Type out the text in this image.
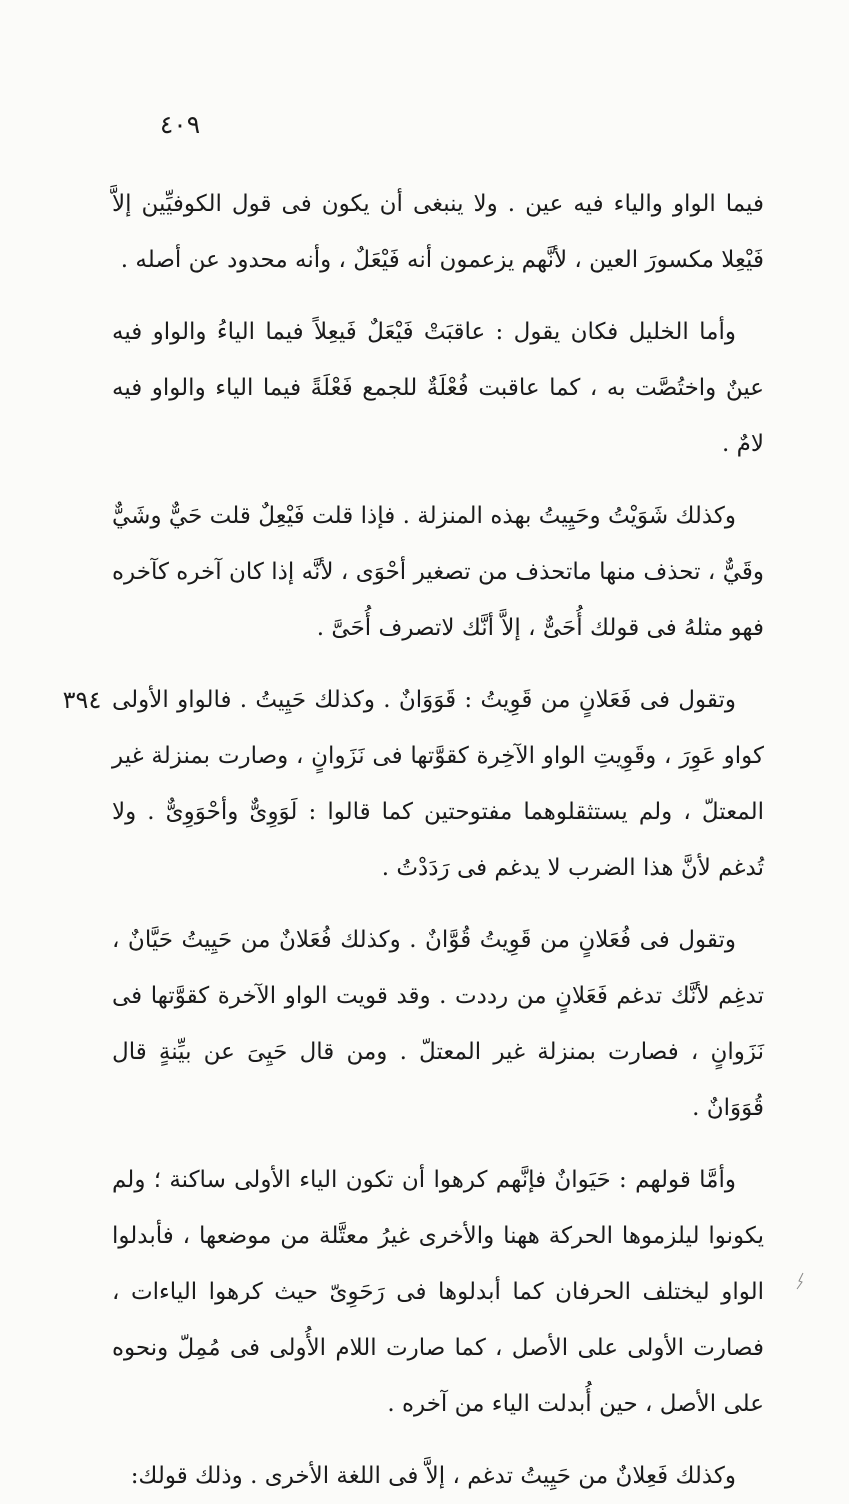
٤٠٩
٣٩٤

فيما الواو والياء فيه عين . ولا ينبغى أن يكون فى قول الكوفيِّين إلاَّ فَيْعِلا مكسورَ العين ، لأنَّهم يزعمون أنه فَيْعَلٌ ، وأنه محدود عن أصله .

وأما الخليل فكان يقول : عاقبَتْ فَيْعَلٌ فَيعِلاً فيما الياءُ والواو فيه عينٌ واختُصَّت به ، كما عاقبت فُعْلَةٌ للجمع فَعْلَةً فيما الياء والواو فيه لامٌ .

وكذلك شَوَيْتُ وحَيِيتُ بهذه المنزلة . فإذا قلت فَيْعِلٌ قلت حَيٌّ وشَيٌّ وقَيٌّ ، تحذف منها ماتحذف من تصغير أحْوَى ، لأنَّه إذا كان آخره كآخره فهو مثلهُ فى قولك أُحَىٌّ ، إلاَّ أنَّك لاتصرف أُحَىَّ .

وتقول فى فَعَلانٍ من قَوِيتُ : قَوَوَانٌ . وكذلك حَيِيتُ . فالواو الأولى كواو عَوِرَ ، وقَوِيتِ الواو الآخِرة كقوَّتها فى نَزَوانٍ ، وصارت بمنزلة غير المعتلّ ، ولم يستثقلوهما مفتوحتين كما قالوا : لَوَوِىٌّ وأحْوَوِىٌّ . ولا تُدغم لأنَّ هذا الضرب لا يدغم فى رَدَدْتُ .

وتقول فى فُعَلانٍ من قَوِيتُ قُوَّانٌ . وكذلك فُعَلانٌ من حَيِيتُ حَيَّانٌ ، تدغِم لأنَّك تدغم فَعَلانٍ من رددت . وقد قويت الواو الآخرة كقوَّتها فى نَزَوانٍ ، فصارت بمنزلة غير المعتلّ . ومن قال حَيِىَ عن بيِّنةٍ قال قُوَوَانٌ .

وأمَّا قولهم : حَيَوانٌ فإنَّهم كرهوا أن تكون الياء الأولى ساكنة ؛ ولم يكونوا ليلزموها الحركة ههنا والأخرى غيرُ معتَّلة من موضعها ، فأبدلوا الواو ليختلف الحرفان كما أبدلوها فى رَحَوِىّ حيث كرهوا الياءات ، فصارت الأولى على الأصل ، كما صارت اللام الأُولى فى مُمِلّ ونحوه على الأصل ، حين أُبدلت الياء من آخره .

وكذلك فَعِلانٌ من حَيِيتُ تدغم ، إلاَّ فى اللغة الأخرى . وذلك قولك:
